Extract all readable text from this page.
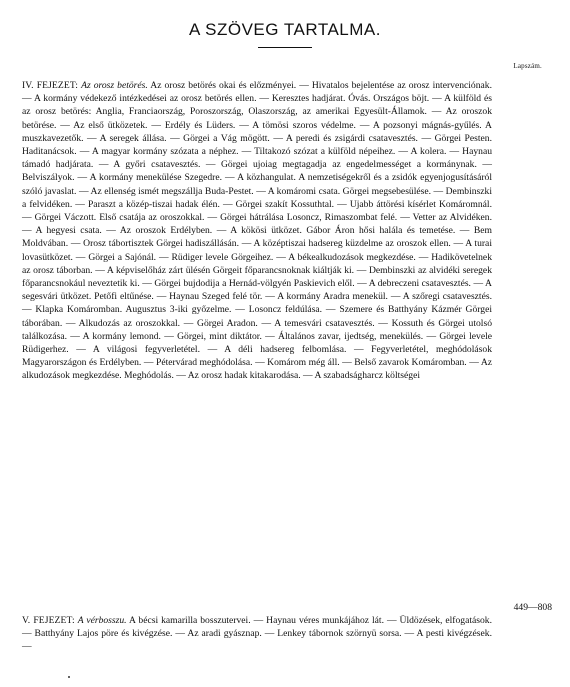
A SZÖVEG TARTALMA.
Lapszám.
IV. FEJEZET: Az orosz betörés. Az orosz betörés okai és előzményei. — Hivatalos bejelentése az orosz intervenciónak. — A kormány védekező intézkedései az orosz betörés ellen. — Keresztes hadjárat. Óvás. Országos böjt. — A külföld és az orosz betörés: Anglia, Franciaország, Poroszország, Olaszország, az amerikai Egyesült-Államok. — Az oroszok betörése. — Az első ütközetek. — Erdély és Lüders. — A tömösi szoros védelme. — A pozsonyi mágnás-gyűlés. A muszkavezetők. — A seregek állása. — Görgei a Vág mögött. — A peredi és zsigárdi csatavesztés. — Görgei Pesten. Haditanácsok. — A magyar kormány szózata a néphez. — Tiltakozó szózat a külföld népeihez. — A kolera. — Haynau támadó hadjárata. — A győri csatavesztés. — Görgei ujoiag megtagadja az engedelmességet a kormánynak. — Belviszályok. — A kormány menekülése Szegedre. — A közhangulat. A nemzetiségekről és a zsidók egyenjogusításáról szóló javaslat. — Az ellenség ismét megszállja Buda-Pestet. — A komáromi csata. Görgei megsebesülése. — Dembinszki a felvidéken. — Paraszt a közép-tiszai hadak élén. — Görgei szakít Kossuthtal. — Ujabb áttörési kísérlet Komáromnál. — Görgei Váczott. Első csatája az oroszokkal. — Görgei hátrálása Losoncz, Rimaszombat felé. — Vetter az Alvidéken. — A hegyesi csata. — Az oroszok Erdélyben. — A kökösi ütközet. Gábor Áron hősi halála és temetése. — Bem Moldvában. — Orosz tábortisztek Görgei hadiszállásán. — A középtiszai hadsereg küzdelme az oroszok ellen. — A turai lovasütközet. — Görgei a Sajónál. — Rüdiger levele Görgeihez. — A békealkudozások megkezdése. — Hadikövetelnek az orosz táborban. — A képviselőház zárt ülésén Görgeit főparancsnoknak kiáltják ki. — Dembinszki az alvidéki seregek főparancsnokául neveztetik ki. — Görgei bujdodija a Hernád-völgyén Paskievich elől. — A debreczeni csatavesztés. — A segesvári ütközet. Petőfi eltűnése. — Haynau Szeged felé tör. — A kormány Aradra menekül. — A szőregi csatavesztés. — Klapka Komáromban. Augusztus 3-iki győzelme. — Losoncz feldúlása. — Szemere és Batthyány Kázmér Görgei táborában. — Alkudozás az oroszokkal. — Görgei Aradon. — A temesvári csatavesztés. — Kossuth és Görgei utolsó találkozása. — A kormány lemond. — Görgei, mint diktátor. — Általános zavar, ijedtség, menekülés. — Görgei levele Rüdigerhez. — A világosi fegyverletétel. — A déli hadsereg felbomlása. — Fegyverletétel, meghódolások Magyarországon és Erdélyben. — Pétervárad meghódolása. — Komárom még áll. — Belső zavarok Komáromban. — Az alkudozások megkezdése. Meghódolás. — Az orosz hadak kitakarodása. — A szabadságharcz költségei
449—808
V. FEJEZET: A vérbosszu. A bécsi kamarilla bosszutervei. — Haynau véres munkájához lát. — Üldözések, elfogatások. — Batthyány Lajos pöre és kivégzése. — Az aradi gyásznap. — Lenkey tábornok szörnyü sorsa. — A pesti kivégzések. —
